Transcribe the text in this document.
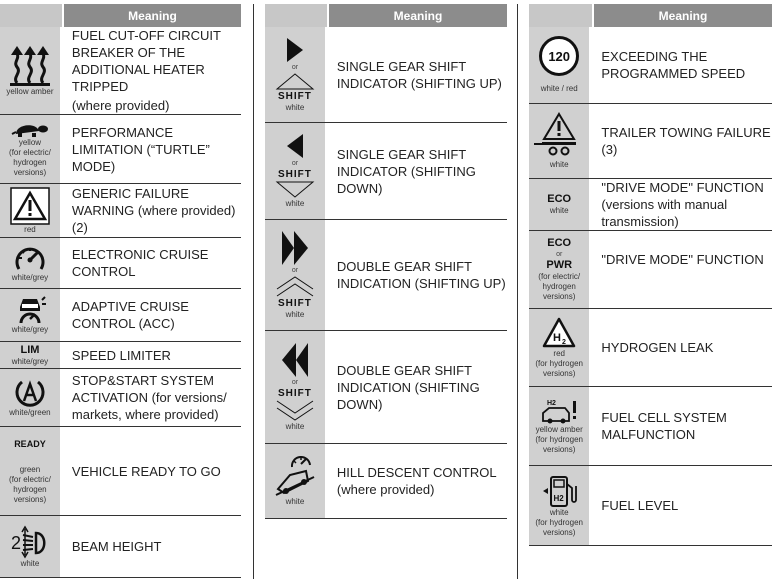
Meaning
yellow amber
FUEL CUT-OFF CIRCUIT BREAKER OF THE ADDITIONAL HEATER TRIPPED
(where provided)
yellow
(for electric/
hydrogen
versions)
PERFORMANCE LIMITATION (“TURTLE” MODE)
red
GENERIC FAILURE WARNING (where provided) (2)
white/grey
ELECTRONIC CRUISE CONTROL
white/grey
ADAPTIVE CRUISE CONTROL (ACC)
LIM
white/grey SPEED LIMITER
white/green
STOP&START SYSTEM ACTIVATION (for versions/ markets, where provided)
READY
green
(for electric/
hydrogen
versions)
VEHICLE READY TO GO
2
white
BEAM HEIGHT
Meaning
or
SHIFT
white
SINGLE GEAR SHIFT INDICATOR (SHIFTING UP)
or
SHIFT
white
SINGLE GEAR SHIFT INDICATOR (SHIFTING DOWN)
or
SHIFT
white
DOUBLE GEAR SHIFT INDICATION (SHIFTING UP)
or
SHIFT
white
DOUBLE GEAR SHIFT INDICATION (SHIFTING DOWN)
white
HILL DESCENT CONTROL (where provided)
Meaning
120
white / red
EXCEEDING THE PROGRAMMED SPEED
white
TRAILER TOWING FAILURE (3)
ECO
white
"DRIVE MODE" FUNCTION (versions with manual transmission)
ECO
or
PWR
(for electric/
hydrogen
versions)
"DRIVE MODE" FUNCTION
H 2
red
(for hydrogen
versions)
HYDROGEN LEAK
H2
yellow amber
(for hydrogen
versions)
FUEL CELL SYSTEM MALFUNCTION
H2
white
(for hydrogen
versions)
FUEL LEVEL
